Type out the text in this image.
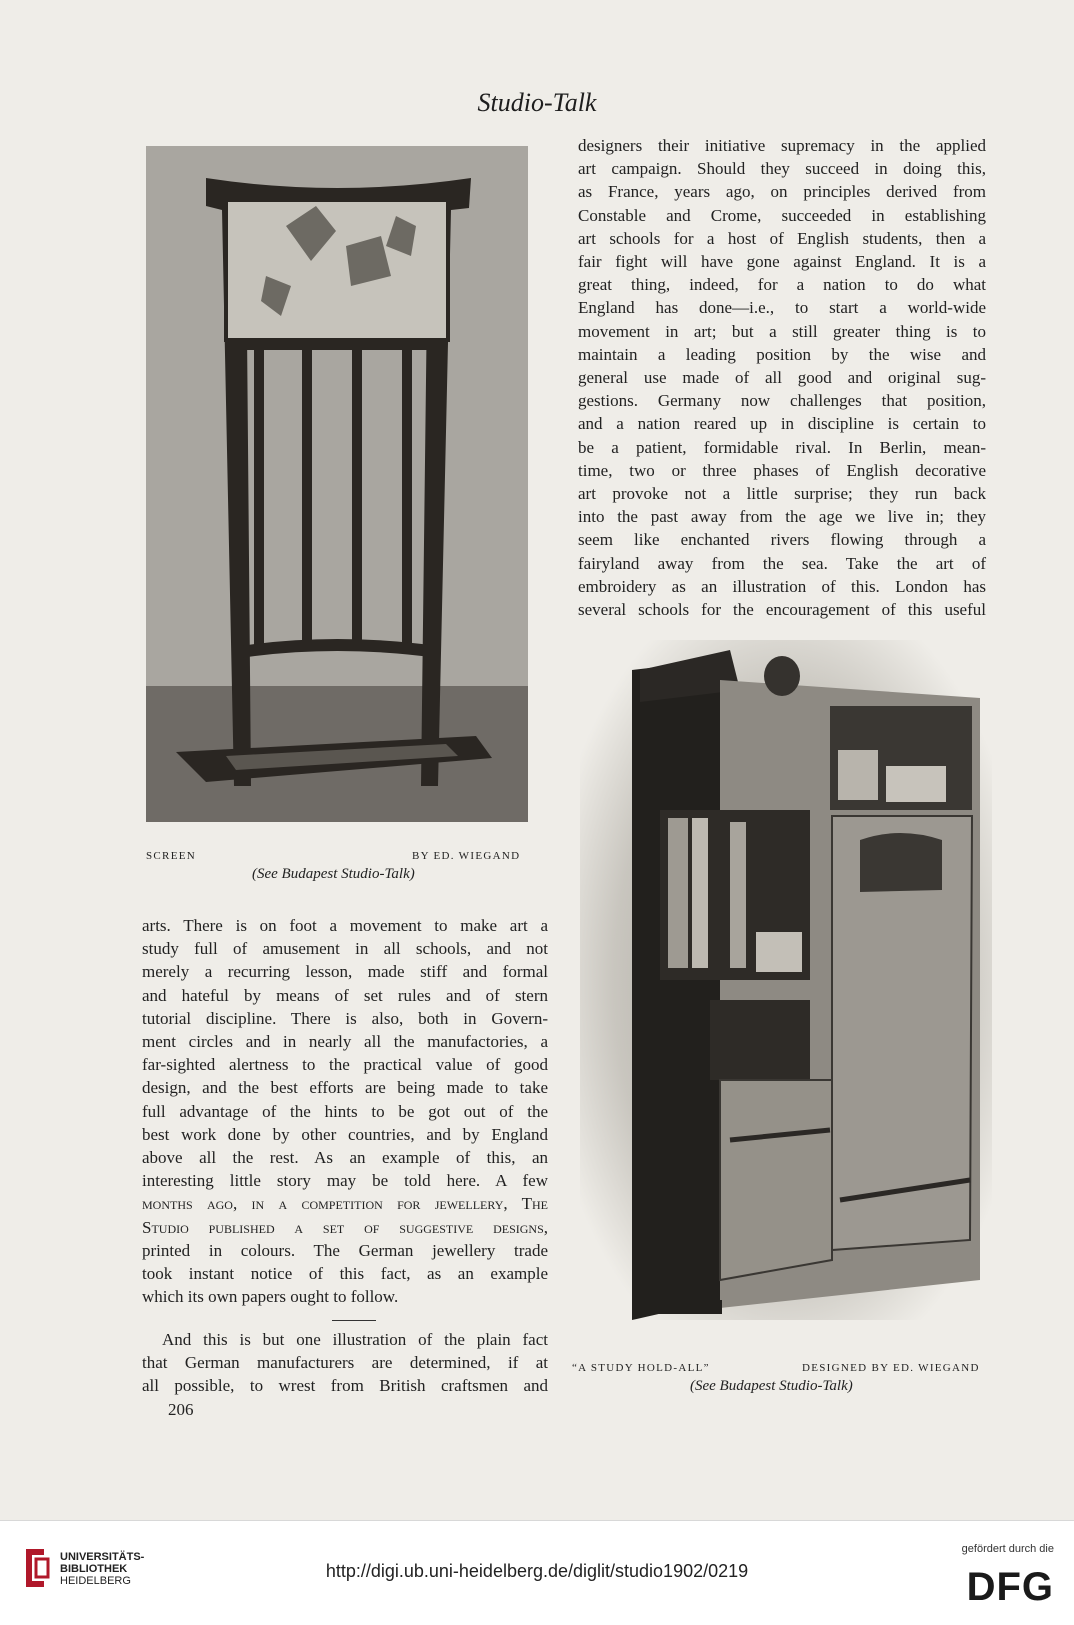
Studio-Talk
SCREEN	BY ED. WIEGAND
(See Budapest Studio-Talk)

designers their initiative supremacy in the applied
art campaign. Should they succeed in doing this,
as France, years ago, on principles derived from
Constable and Crome, succeeded in establishing
art schools for a host of English students, then a
fair fight will have gone against England. It is a
great thing, indeed, for a nation to do what
England has done—i.e., to start a world-wide
movement in art; but a still greater thing is to
maintain a leading position by the wise and
general use made of all good and original sug-
gestions. Germany now challenges that position,
and a nation reared up in discipline is certain to
be a patient, formidable rival. In Berlin, mean-
time, two or three phases of English decorative
art provoke not a little surprise; they run back
into the past away from the age we live in; they
seem like enchanted rivers flowing through a
fairyland away from the sea. Take the art of
embroidery as an illustration of this. London has
several schools for the encouragement of this useful

“A STUDY HOLD-ALL”	DESIGNED BY ED. WIEGAND
(See Budapest Studio-Talk)

arts. There is on foot a movement to make art a
study full of amusement in all schools, and not
merely a recurring lesson, made stiff and formal
and hateful by means of set rules and of stern
tutorial discipline. There is also, both in Govern-
ment circles and in nearly all the manufactories, a
far-sighted alertness to the practical value of good
design, and the best efforts are being made to take
full advantage of the hints to be got out of the
best work done by other countries, and by England
above all the rest. As an example of this, an
interesting little story may be told here. A few
months ago, in a competition for jewellery, The
Studio published a set of suggestive designs,
printed in colours. The German jewellery trade
took instant notice of this fact, as an example
which its own papers ought to follow.

And this is but one illustration of the plain fact
that German manufacturers are determined, if at
all possible, to wrest from British craftsmen and

206
UNIVERSITÄTS-
BIBLIOTHEK
HEIDELBERG	http://digi.ub.uni-heidelberg.de/diglit/studio1902/0219
gefördert durch die
DFG
